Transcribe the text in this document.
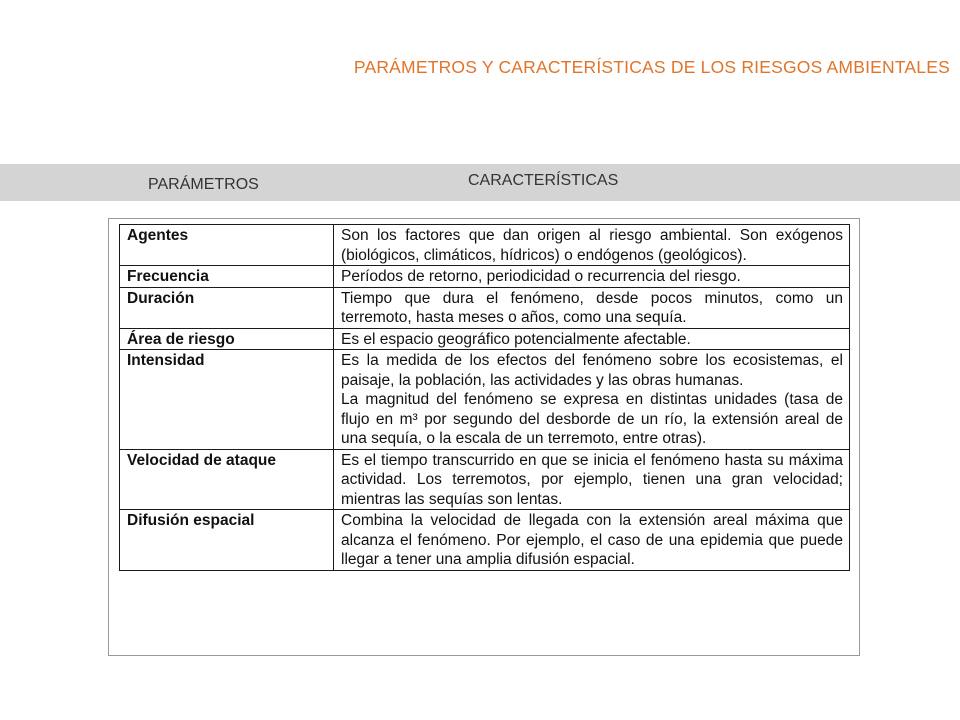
PARÁMETROS Y CARACTERÍSTICAS DE LOS RIESGOS AMBIENTALES
PARÁMETROS	CARACTERÍSTICAS
Agentes	Son los factores que dan origen al riesgo ambiental. Son exógenos (biológicos, climáticos, hídricos) o endógenos (geológicos).

Frecuencia	Períodos de retorno, periodicidad o recurrencia del riesgo.

Duración	Tiempo que dura el fenómeno, desde pocos minutos, como un terremoto, hasta meses o años, como una sequía.

Área de riesgo	Es el espacio geográfico potencialmente afectable.

Intensidad	Es la medida de los efectos del fenómeno sobre los ecosistemas, el paisaje, la población, las actividades y las obras humanas.
La magnitud del fenómeno se expresa en distintas unidades (tasa de flujo en m³ por segundo del desborde de un río, la extensión areal de una sequía, o la escala de un terremoto, entre otras).

Velocidad de ataque	Es el tiempo transcurrido en que se inicia el fenómeno hasta su máxima actividad. Los terremotos, por ejemplo, tienen una gran velocidad; mientras las sequías son lentas.

Difusión espacial	Combina la velocidad de llegada con la extensión areal máxima que alcanza el fenómeno. Por ejemplo, el caso de una epidemia que puede llegar a tener una amplia difusión espacial.
